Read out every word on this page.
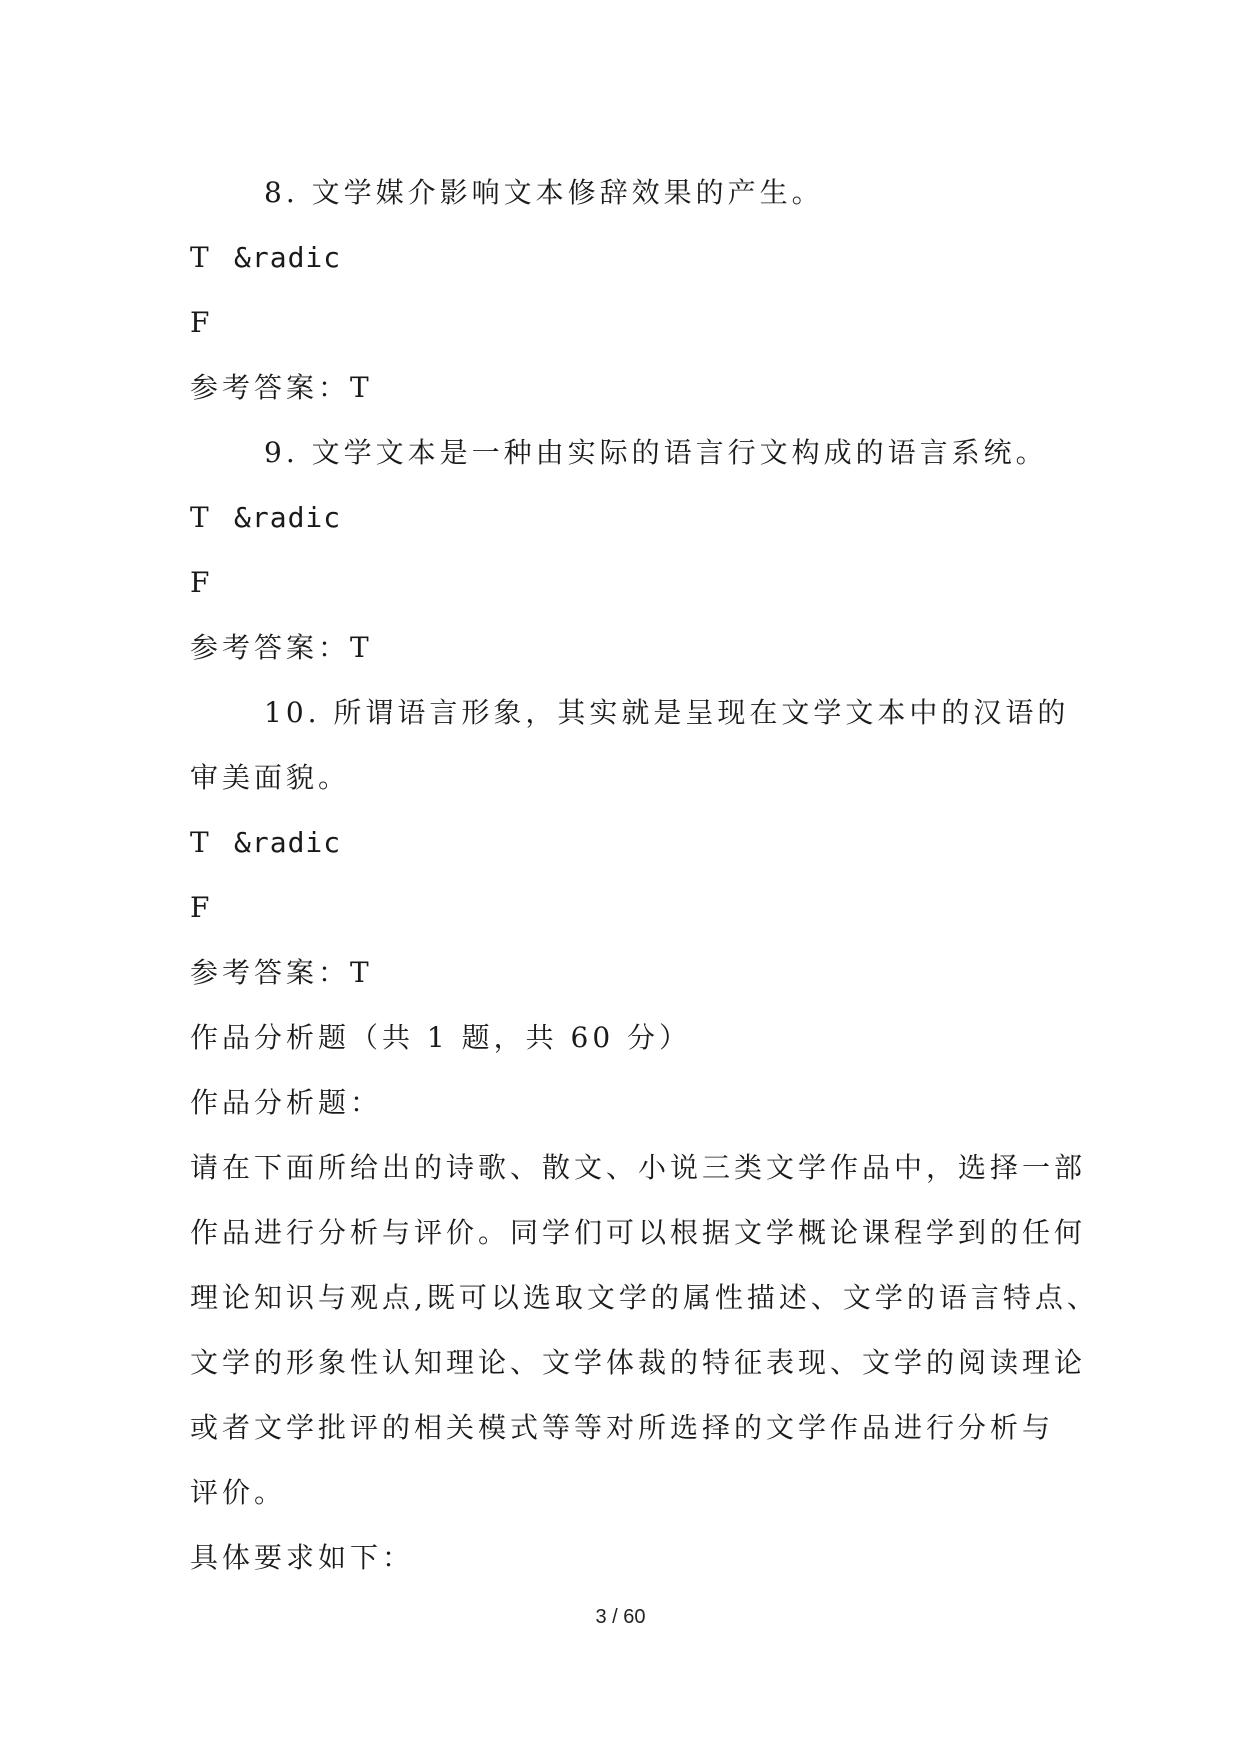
8. 文学媒介影响文本修辞效果的产生。
T &radic
F
参考答案：T
9. 文学文本是一种由实际的语言行文构成的语言系统。
T &radic
F
参考答案：T
10. 所谓语言形象，其实就是呈现在文学文本中的汉语的
审美面貌。
T &radic
F
参考答案：T
作品分析题（共 1 题，共 60 分）
作品分析题：
请在下面所给出的诗歌、散文、小说三类文学作品中，选择一部
作品进行分析与评价。同学们可以根据文学概论课程学到的任何
理论知识与观点,既可以选取文学的属性描述、文学的语言特点、
文学的形象性认知理论、文学体裁的特征表现、文学的阅读理论
或者文学批评的相关模式等等对所选择的文学作品进行分析与
评价。
具体要求如下：
3 / 60
